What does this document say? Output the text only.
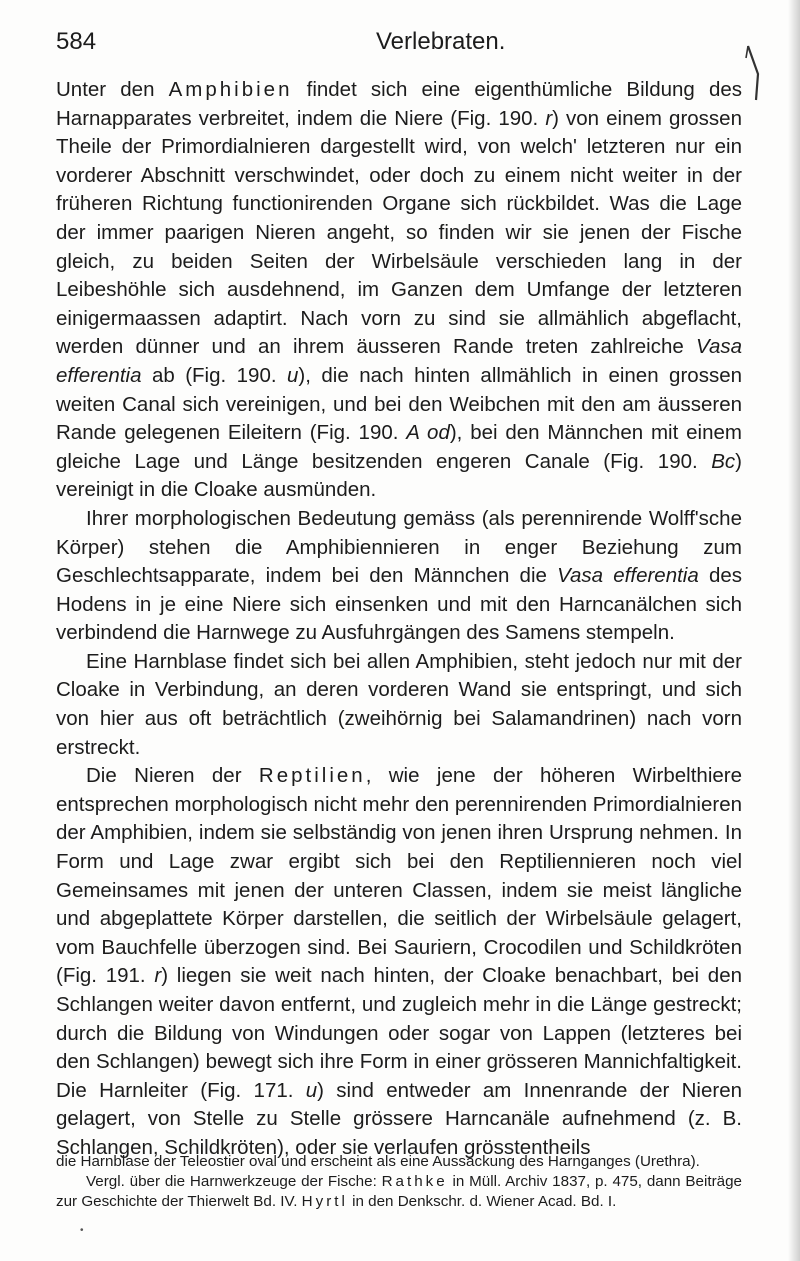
584	Verlebraten.

Unter den Amphibien findet sich eine eigenthümliche Bildung des Harnapparates verbreitet, indem die Niere (Fig. 190. r) von einem grossen Theile der Primordialnieren dargestellt wird, von welch' letzteren nur ein vorderer Abschnitt verschwindet, oder doch zu einem nicht weiter in der früheren Richtung functionirenden Organe sich rückbildet. Was die Lage der immer paarigen Nieren angeht, so finden wir sie jenen der Fische gleich, zu beiden Seiten der Wirbelsäule verschieden lang in der Leibeshöhle sich ausdehnend, im Ganzen dem Umfange der letzteren einigermaassen adaptirt. Nach vorn zu sind sie allmählich abgeflacht, werden dünner und an ihrem äusseren Rande treten zahlreiche Vasa efferentia ab (Fig. 190. u), die nach hinten allmählich in einen grossen weiten Canal sich vereinigen, und bei den Weibchen mit den am äusseren Rande gelegenen Eileitern (Fig. 190. A od), bei den Männchen mit einem gleiche Lage und Länge besitzenden engeren Canale (Fig. 190. Bc) vereinigt in die Cloake ausmünden.

Ihrer morphologischen Bedeutung gemäss (als perennirende Wolff'sche Körper) stehen die Amphibiennieren in enger Beziehung zum Geschlechtsapparate, indem bei den Männchen die Vasa efferentia des Hodens in je eine Niere sich einsenken und mit den Harncanälchen sich verbindend die Harnwege zu Ausfuhrgängen des Samens stempeln.

Eine Harnblase findet sich bei allen Amphibien, steht jedoch nur mit der Cloake in Verbindung, an deren vorderen Wand sie entspringt, und sich von hier aus oft beträchtlich (zweihörnig bei Salamandrinen) nach vorn erstreckt.

Die Nieren der Reptilien, wie jene der höheren Wirbelthiere entsprechen morphologisch nicht mehr den perennirenden Primordialnieren der Amphibien, indem sie selbständig von jenen ihren Ursprung nehmen. In Form und Lage zwar ergibt sich bei den Reptiliennieren noch viel Gemeinsames mit jenen der unteren Classen, indem sie meist längliche und abgeplattete Körper darstellen, die seitlich der Wirbelsäule gelagert, vom Bauchfelle überzogen sind. Bei Sauriern, Crocodilen und Schildkröten (Fig. 191. r) liegen sie weit nach hinten, der Cloake benachbart, bei den Schlangen weiter davon entfernt, und zugleich mehr in die Länge gestreckt; durch die Bildung von Windungen oder sogar von Lappen (letzteres bei den Schlangen) bewegt sich ihre Form in einer grösseren Mannichfaltigkeit. Die Harnleiter (Fig. 171. u) sind entweder am Innenrande der Nieren gelagert, von Stelle zu Stelle grössere Harncanäle aufnehmend (z. B. Schlangen, Schildkröten), oder sie verlaufen grösstentheils

die Harnblase der Teleostier oval und erscheint als eine Aussackung des Harnganges (Urethra).

Vergl. über die Harnwerkzeuge der Fische: Rathke in Müll. Archiv 1837, p. 475, dann Beiträge zur Geschichte der Thierwelt Bd. IV. Hyrtl in den Denkschr. d. Wiener Acad. Bd. I.

•
